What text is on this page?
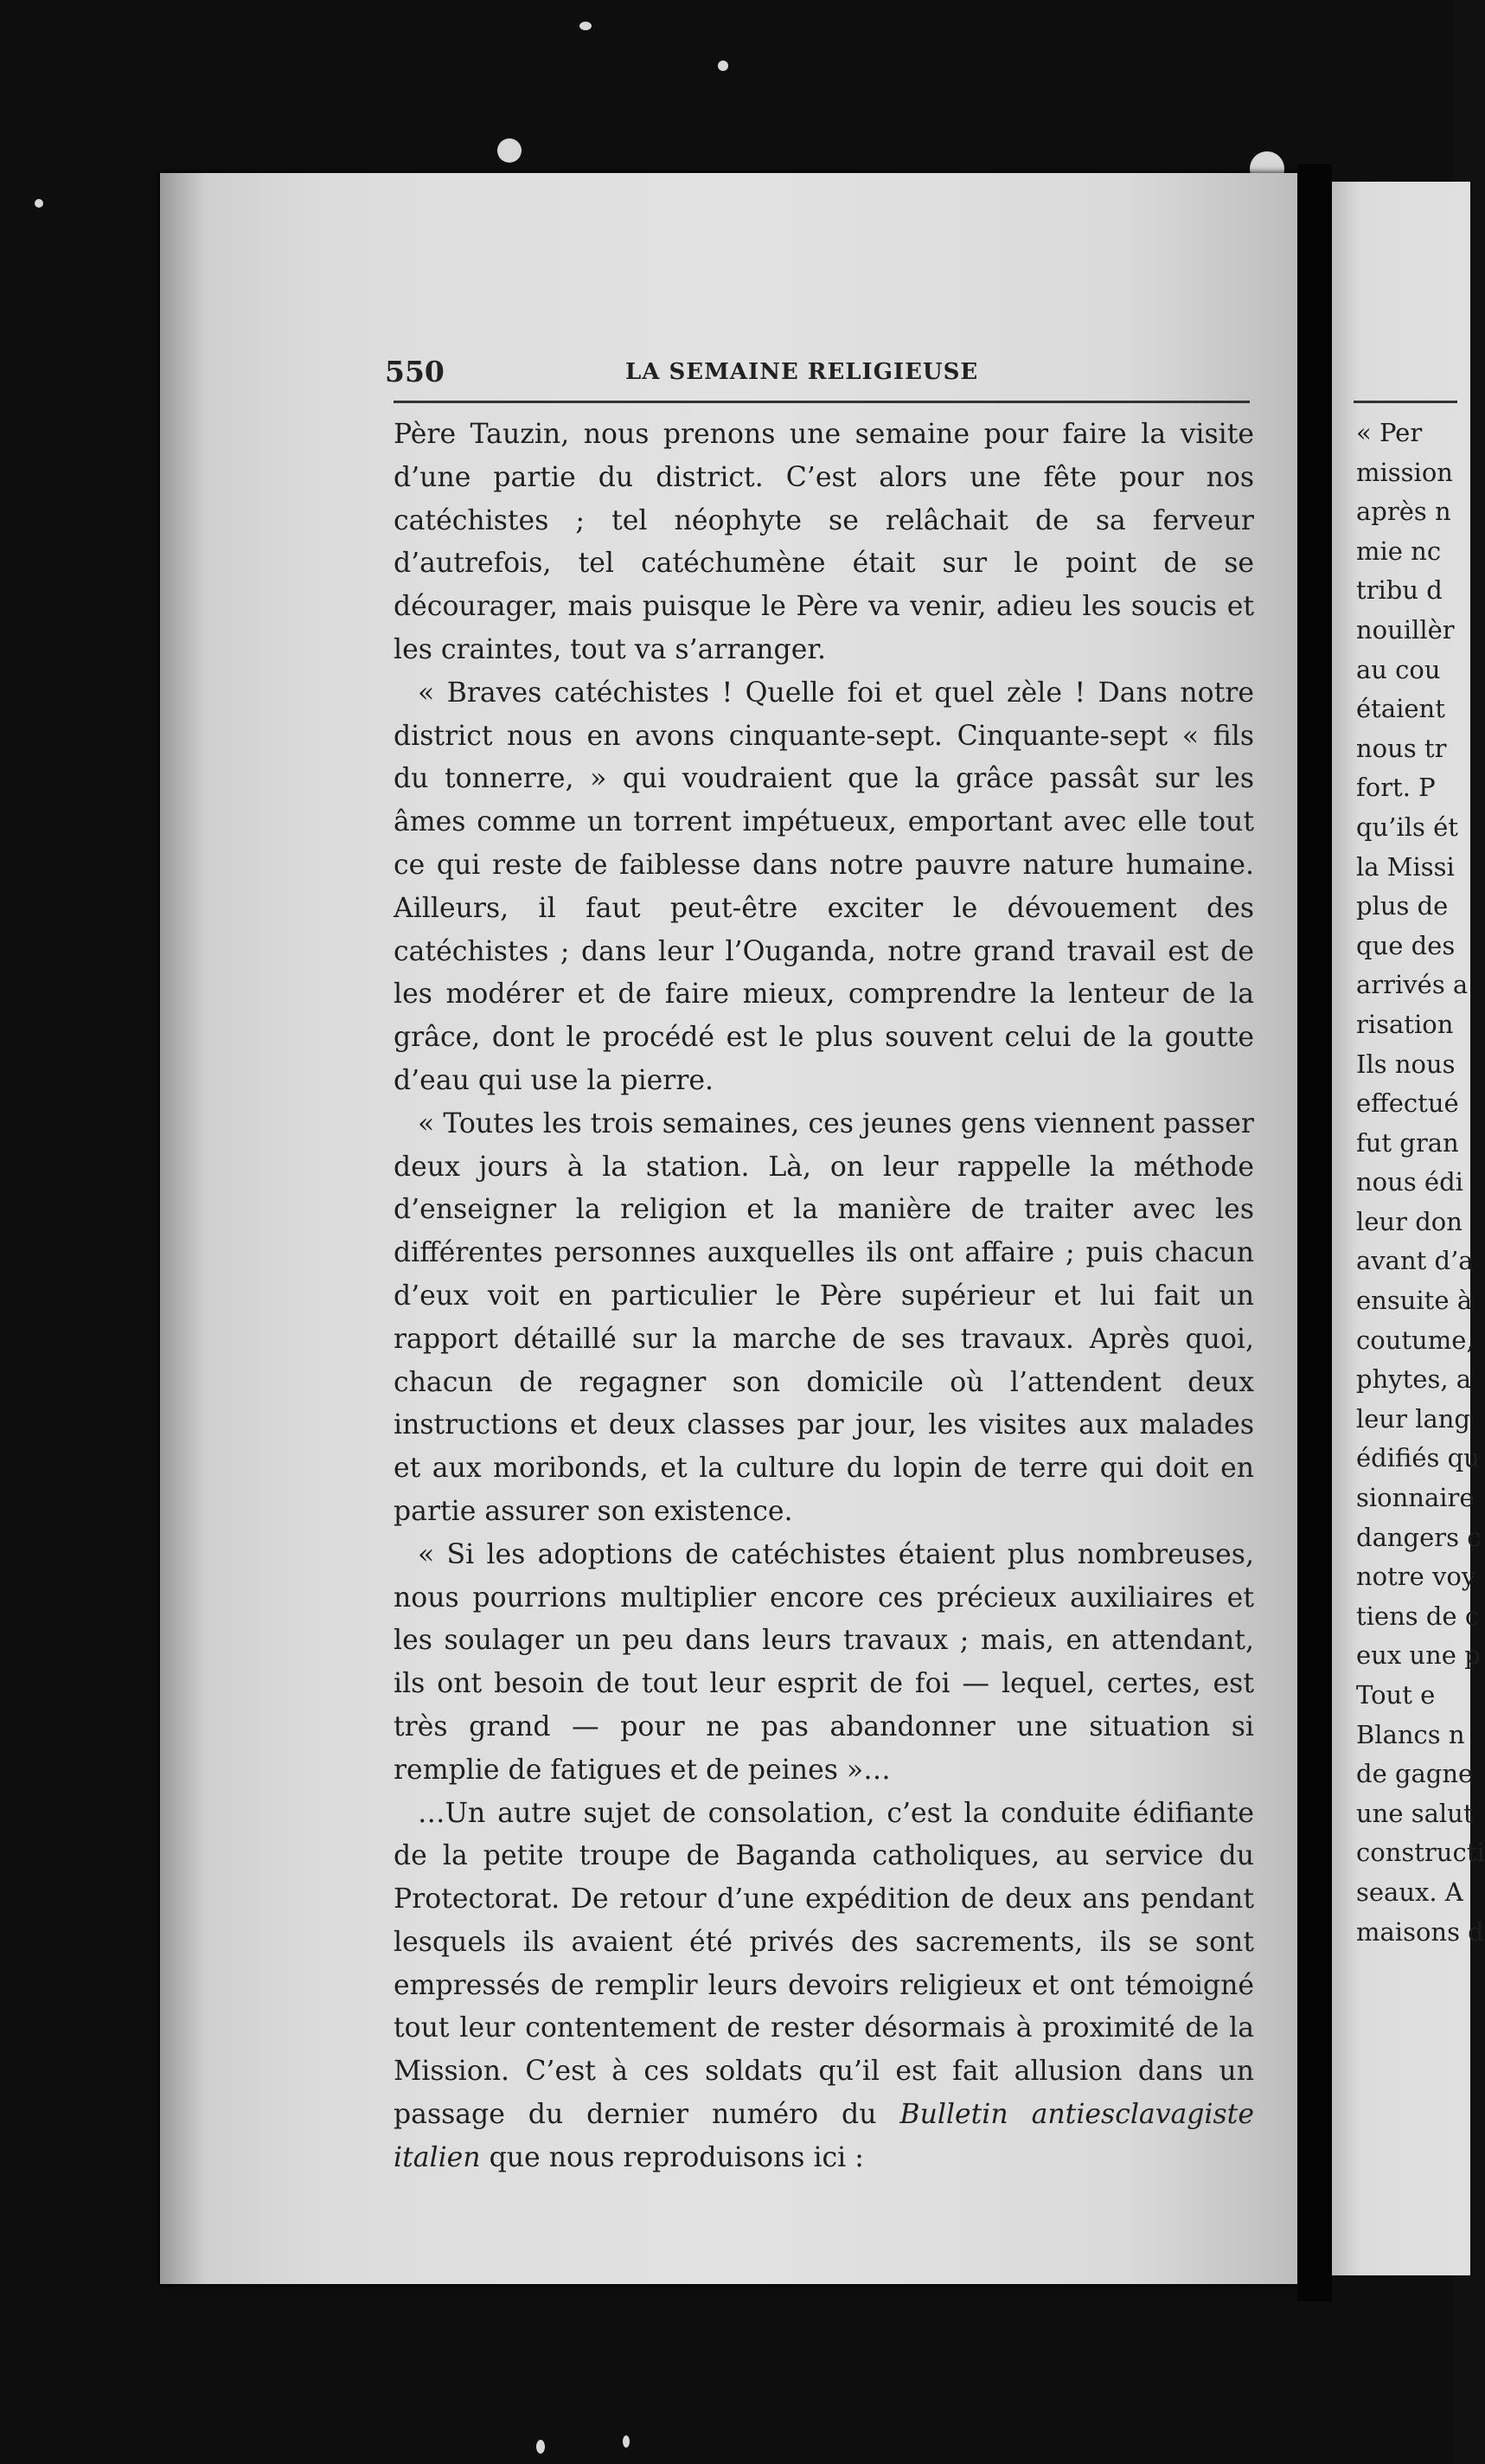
550	LA SEMAINE RELIGIEUSE

Père Tauzin, nous prenons une semaine pour faire la visite d’une partie du district. C’est alors une fête pour nos catéchistes ; tel néophyte se relâchait de sa ferveur d’autrefois, tel catéchumène était sur le point de se décourager, mais puisque le Père va venir, adieu les soucis et les craintes, tout va s’arranger.

« Braves catéchistes ! Quelle foi et quel zèle ! Dans notre district nous en avons cinquante-sept. Cinquante-sept « fils du tonnerre, » qui voudraient que la grâce passât sur les âmes comme un torrent impétueux, emportant avec elle tout ce qui reste de faiblesse dans notre pauvre nature humaine. Ailleurs, il faut peut-être exciter le dévouement des catéchistes ; dans leur l’Ouganda, notre grand travail est de les modérer et de faire mieux, comprendre la lenteur de la grâce, dont le procédé est le plus souvent celui de la goutte d’eau qui use la pierre.

« Toutes les trois semaines, ces jeunes gens viennent passer deux jours à la station. Là, on leur rappelle la méthode d’enseigner la religion et la manière de traiter avec les différentes personnes auxquelles ils ont affaire ; puis chacun d’eux voit en particulier le Père supérieur et lui fait un rapport détaillé sur la marche de ses travaux. Après quoi, chacun de regagner son domicile où l’attendent deux instructions et deux classes par jour, les visites aux malades et aux moribonds, et la culture du lopin de terre qui doit en partie assurer son existence.

« Si les adoptions de catéchistes étaient plus nombreuses, nous pourrions multiplier encore ces précieux auxiliaires et les soulager un peu dans leurs travaux ; mais, en attendant, ils ont besoin de tout leur esprit de foi — lequel, certes, est très grand — pour ne pas abandonner une situation si remplie de fatigues et de peines »…

…Un autre sujet de consolation, c’est la conduite édifiante de la petite troupe de Baganda catholiques, au service du Protectorat. De retour d’une expédition de deux ans pendant lesquels ils avaient été privés des sacrements, ils se sont empressés de remplir leurs devoirs religieux et ont témoigné tout leur contentement de rester désormais à proximité de la Mission. C’est à ces soldats qu’il est fait allusion dans un passage du dernier numéro du Bulletin antiesclavagiste italien que nous reproduisons ici :

« Per
mission
après n
mie nc
tribu d
nouillèr
au cou
étaient
nous tr
fort. P
qu’ils ét
la Missi
plus de
que des
arrivés a
risation
Ils nous
effectué
fut gran
nous édi
leur don
avant d’a
ensuite à
coutume,
phytes, a
leur lang
édifiés qu
sionnaire
dangers c
notre voy
tiens de c
eux une p
Tout e
Blancs n
de gagne
une salut
constructi
seaux. A
maisons d
